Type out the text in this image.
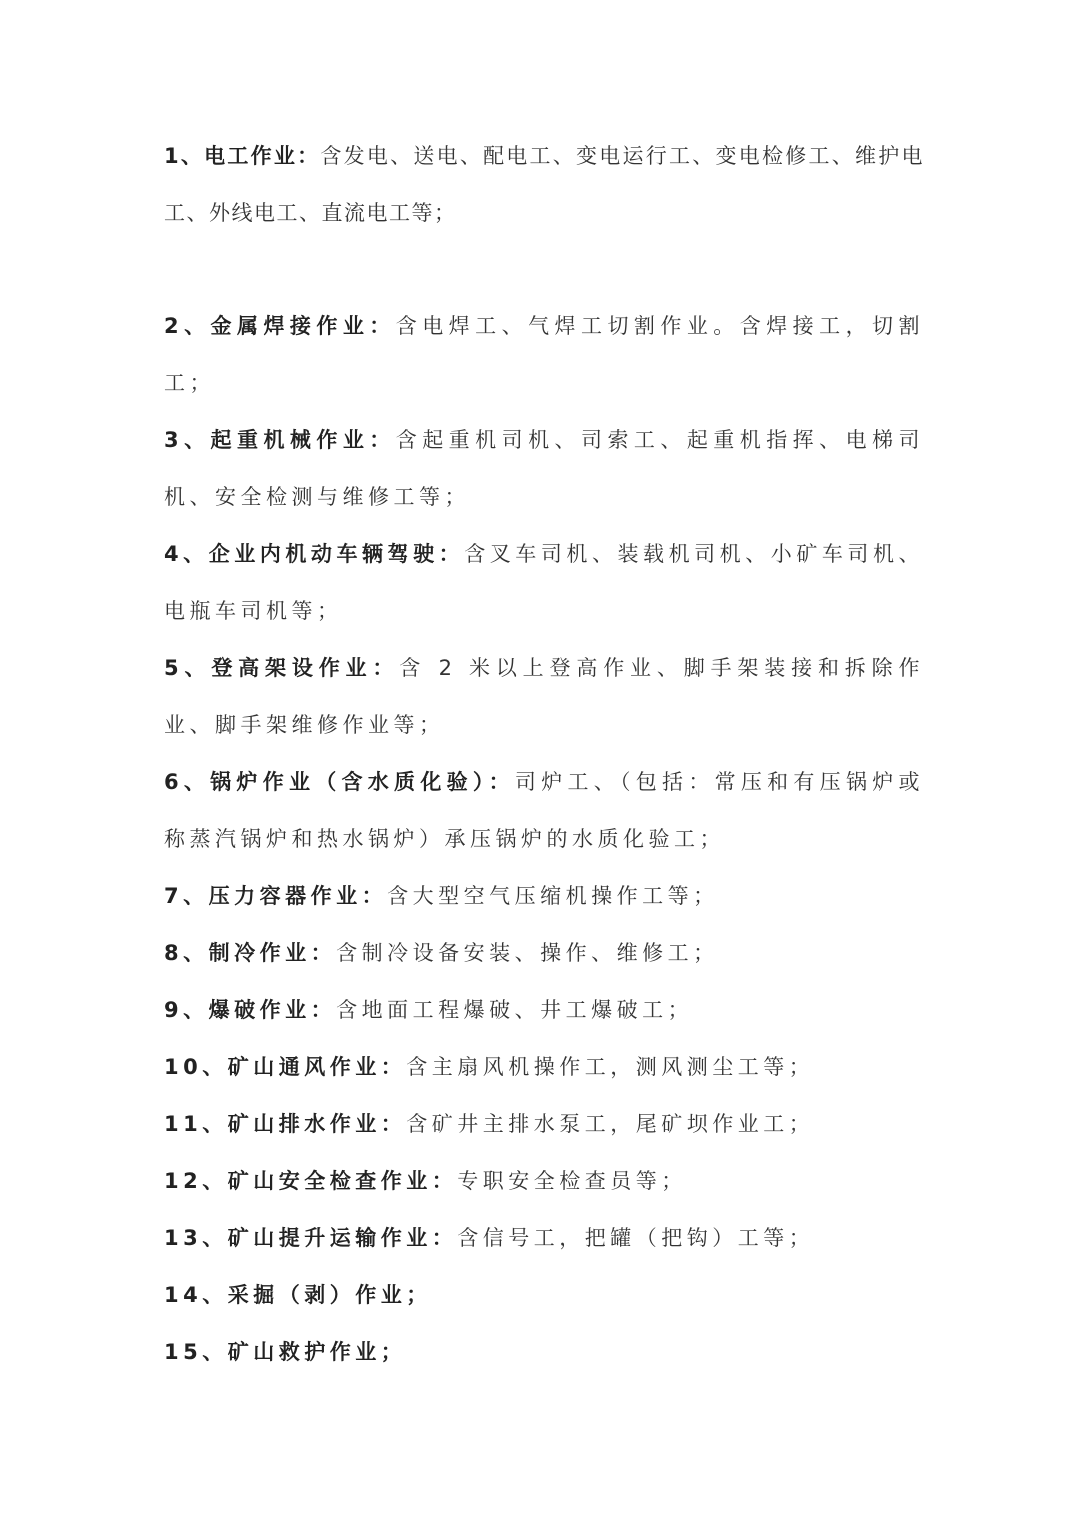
1、电工作业：含发电、送电、配电工、变电运行工、变电检修工、维护电工、外线电工、直流电工等；

2、金属焊接作业：含电焊工、气焊工切割作业。含焊接工，切割工；

3、起重机械作业：含起重机司机、司索工、起重机指挥、电梯司机、安全检测与维修工等；

4、企业内机动车辆驾驶：含叉车司机、装载机司机、小矿车司机、电瓶车司机等；

5、登高架设作业：含 2 米以上登高作业、脚手架装接和拆除作业、脚手架维修作业等；

6、锅炉作业（含水质化验）：司炉工、（包括：常压和有压锅炉或称蒸汽锅炉和热水锅炉）承压锅炉的水质化验工；

7、压力容器作业：含大型空气压缩机操作工等；

8、制冷作业：含制冷设备安装、操作、维修工；

9、爆破作业：含地面工程爆破、井工爆破工；

10、矿山通风作业：含主扇风机操作工，测风测尘工等；

11、矿山排水作业：含矿井主排水泵工，尾矿坝作业工；

12、矿山安全检查作业：专职安全检查员等；

13、矿山提升运输作业：含信号工，把罐（把钩）工等；

14、采掘（剥）作业；

15、矿山救护作业；
